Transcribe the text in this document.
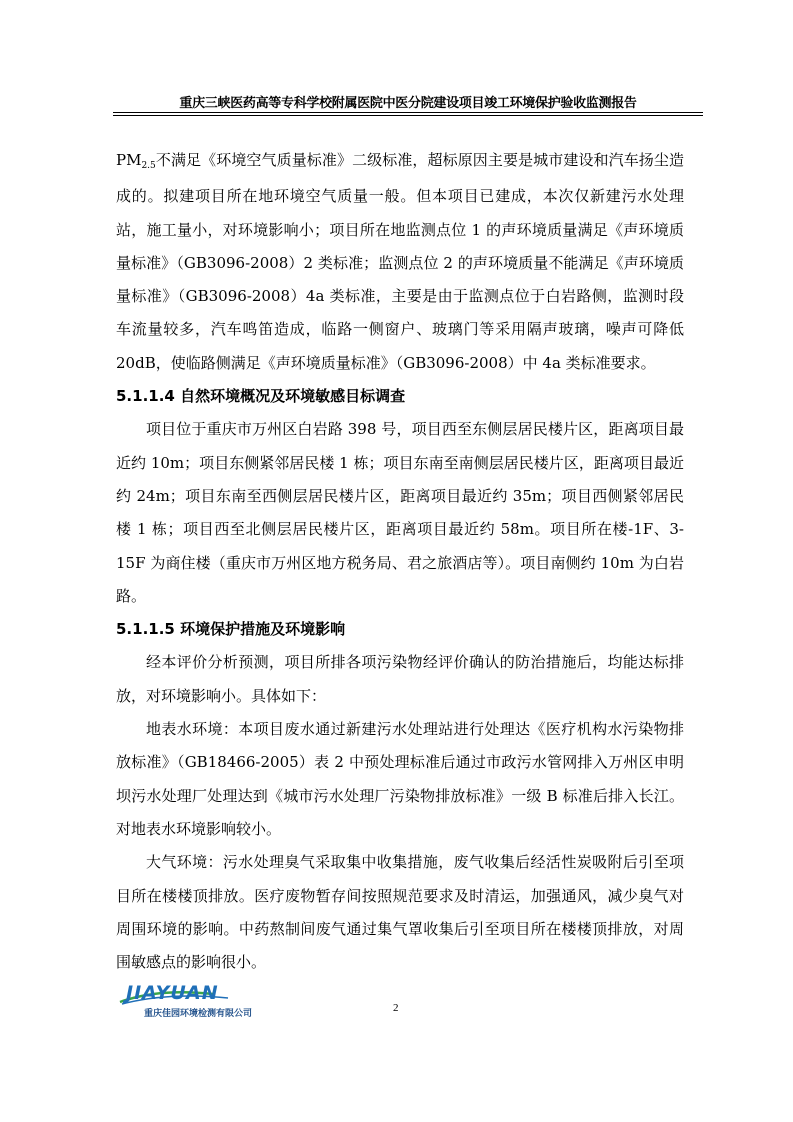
重庆三峡医药高等专科学校附属医院中医分院建设项目竣工环境保护验收监测报告

$PM_{2.5}$不满足《环境空气质量标准》二级标准，超标原因主要是城市建设和汽车扬尘造成的。拟建项目所在地环境空气质量一般。但本项目已建成，本次仅新建污水处理站，施工量小，对环境影响小；项目所在地监测点位 1 的声环境质量满足《声环境质量标准》（GB3096-2008）2 类标准；监测点位 2 的声环境质量不能满足《声环境质量标准》（GB3096-2008）4a 类标准，主要是由于监测点位于白岩路侧，监测时段车流量较多，汽车鸣笛造成，临路一侧窗户、玻璃门等采用隔声玻璃，噪声可降低 20dB，使临路侧满足《声环境质量标准》（GB3096-2008）中 4a 类标准要求。

5.1.1.4 自然环境概况及环境敏感目标调查

项目位于重庆市万州区白岩路 398 号，项目西至东侧层居民楼片区，距离项目最近约 10m；项目东侧紧邻居民楼 1 栋；项目东南至南侧层居民楼片区，距离项目最近约 24m；项目东南至西侧层居民楼片区，距离项目最近约 35m；项目西侧紧邻居民楼 1 栋；项目西至北侧层居民楼片区，距离项目最近约 58m。项目所在楼-1F、3-15F 为商住楼（重庆市万州区地方税务局、君之旅酒店等）。项目南侧约 10m 为白岩路。

5.1.1.5 环境保护措施及环境影响

经本评价分析预测，项目所排各项污染物经评价确认的防治措施后，均能达标排放，对环境影响小。具体如下：

地表水环境：本项目废水通过新建污水处理站进行处理达《医疗机构水污染物排放标准》（GB18466-2005）表 2 中预处理标准后通过市政污水管网排入万州区申明坝污水处理厂处理达到《城市污水处理厂污染物排放标准》一级 B 标准后排入长江。对地表水环境影响较小。

大气环境：污水处理臭气采取集中收集措施，废气收集后经活性炭吸附后引至项目所在楼楼顶排放。医疗废物暂存间按照规范要求及时清运，加强通风，减少臭气对周围环境的影响。中药熬制间废气通过集气罩收集后引至项目所在楼楼顶排放，对周围敏感点的影响很小。

JIAYUAN
重庆佳园环境检测有限公司	2
